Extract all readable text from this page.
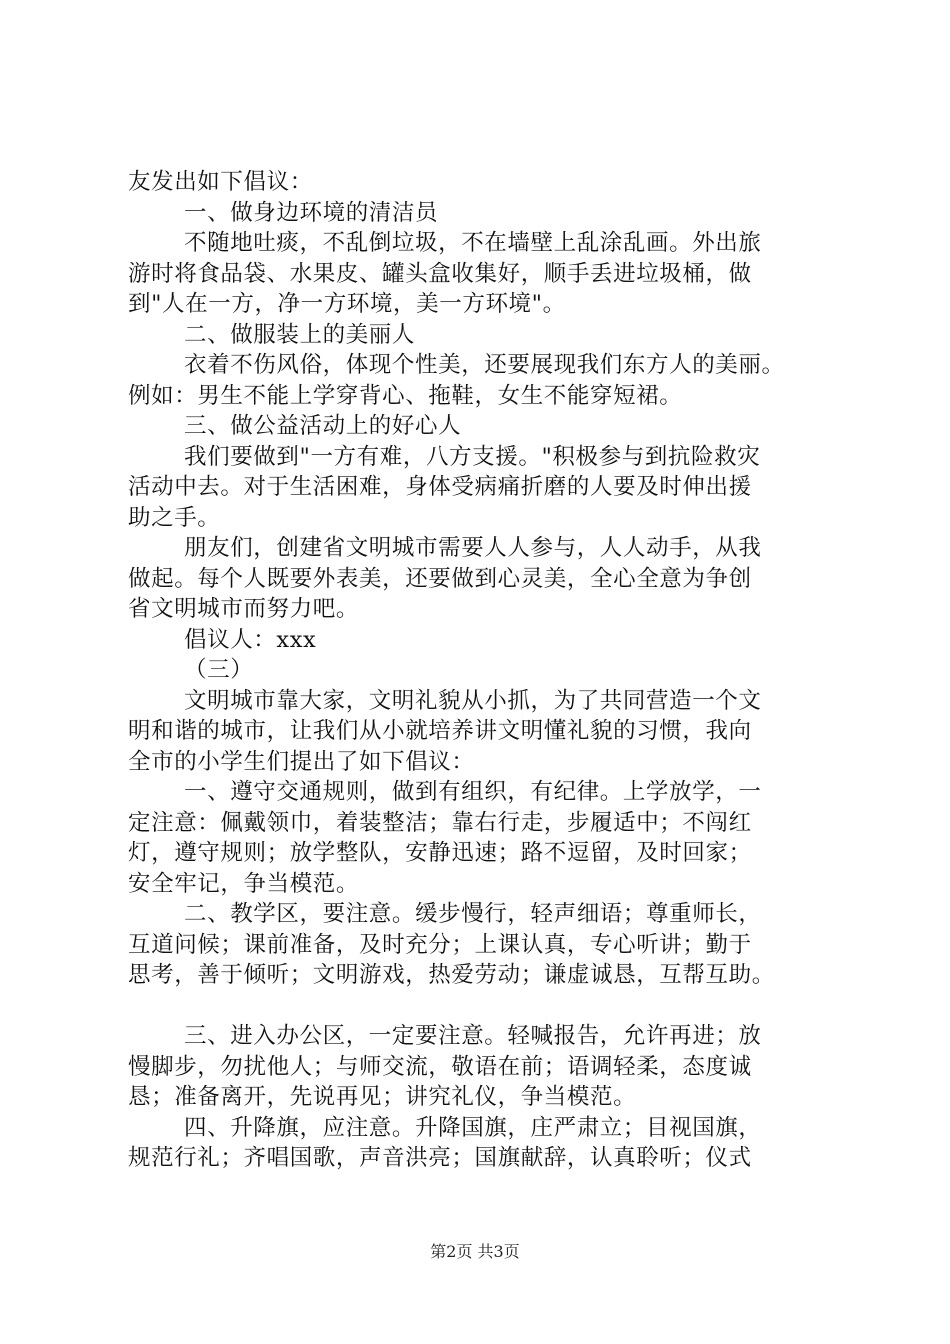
友发出如下倡议：
一、做身边环境的清洁员
不随地吐痰，不乱倒垃圾，不在墙壁上乱涂乱画。外出旅
游时将食品袋、水果皮、罐头盒收集好，顺手丢进垃圾桶，做
到"人在一方，净一方环境，美一方环境"。
二、做服装上的美丽人
衣着不伤风俗，体现个性美，还要展现我们东方人的美丽。
例如：男生不能上学穿背心、拖鞋，女生不能穿短裙。
三、做公益活动上的好心人
我们要做到"一方有难，八方支援。"积极参与到抗险救灾
活动中去。对于生活困难，身体受病痛折磨的人要及时伸出援
助之手。
朋友们，创建省文明城市需要人人参与，人人动手，从我
做起。每个人既要外表美，还要做到心灵美，全心全意为争创
省文明城市而努力吧。
倡议人：xxx
（三）
文明城市靠大家，文明礼貌从小抓，为了共同营造一个文
明和谐的城市，让我们从小就培养讲文明懂礼貌的习惯，我向
全市的小学生们提出了如下倡议：
一、遵守交通规则，做到有组织，有纪律。上学放学，一
定注意：佩戴领巾，着装整洁；靠右行走，步履适中；不闯红
灯，遵守规则；放学整队，安静迅速；路不逗留，及时回家；
安全牢记，争当模范。
二、教学区，要注意。缓步慢行，轻声细语；尊重师长，
互道问候；课前准备，及时充分；上课认真，专心听讲；勤于
思考，善于倾听；文明游戏，热爱劳动；谦虚诚恳，互帮互助。
三、进入办公区，一定要注意。轻喊报告，允许再进；放
慢脚步，勿扰他人；与师交流，敬语在前；语调轻柔，态度诚
恳；准备离开，先说再见；讲究礼仪，争当模范。
四、升降旗，应注意。升降国旗，庄严肃立；目视国旗，
规范行礼；齐唱国歌，声音洪亮；国旗献辞，认真聆听；仪式
第2页 共3页
